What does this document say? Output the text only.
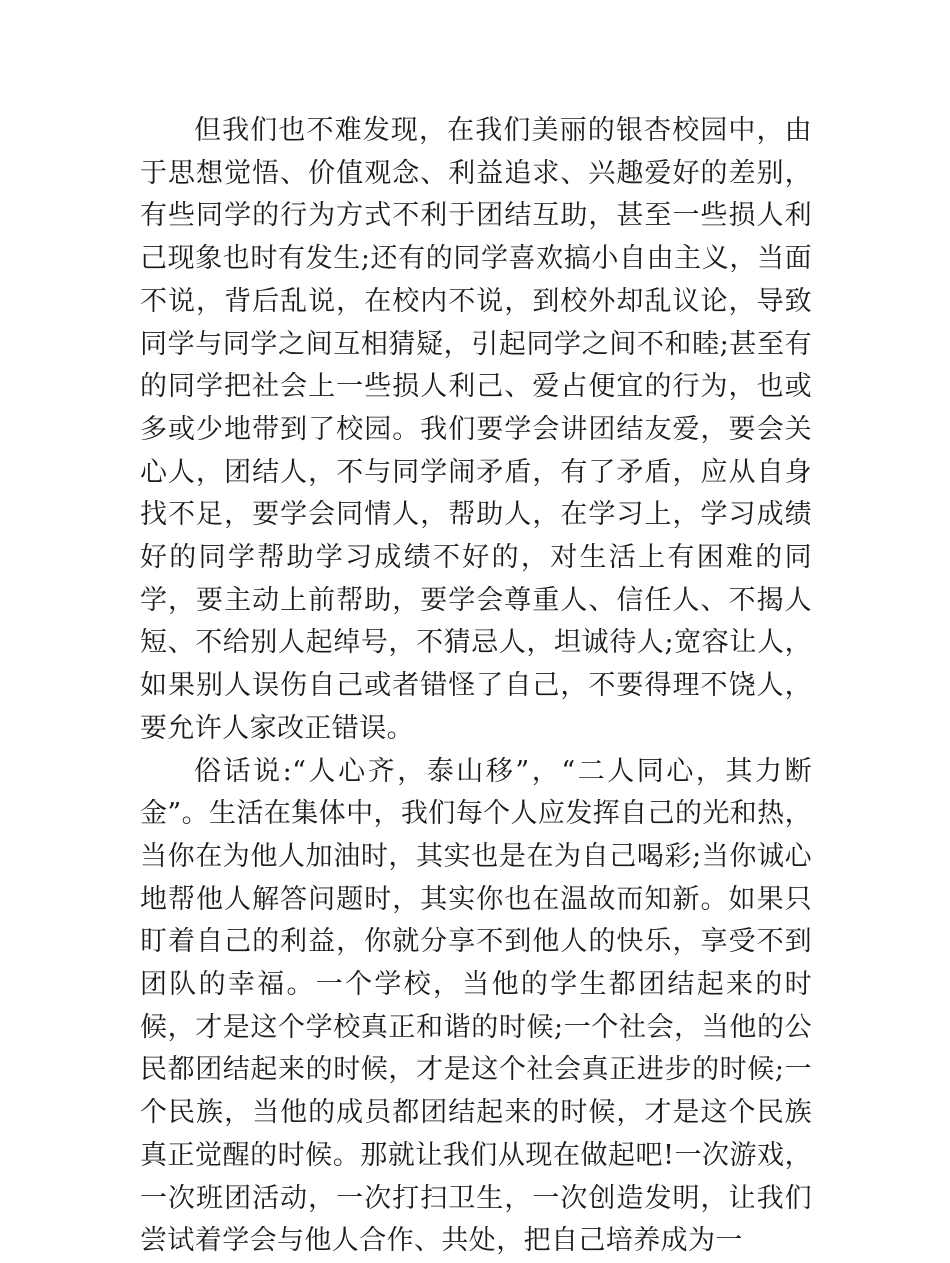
但我们也不难发现，在我们美丽的银杏校园中，由于思想觉悟、价值观念、利益追求、兴趣爱好的差别，有些同学的行为方式不利于团结互助，甚至一些损人利己现象也时有发生;还有的同学喜欢搞小自由主义，当面不说，背后乱说，在校内不说，到校外却乱议论，导致同学与同学之间互相猜疑，引起同学之间不和睦;甚至有的同学把社会上一些损人利己、爱占便宜的行为，也或多或少地带到了校园。我们要学会讲团结友爱，要会关心人，团结人，不与同学闹矛盾，有了矛盾，应从自身找不足，要学会同情人，帮助人，在学习上，学习成绩好的同学帮助学习成绩不好的，对生活上有困难的同学，要主动上前帮助，要学会尊重人、信任人、不揭人短、不给别人起绰号，不猜忌人，坦诚待人;宽容让人，如果别人误伤自己或者错怪了自己，不要得理不饶人，要允许人家改正错误。

俗话说:“人心齐，泰山移”，“二人同心，其力断金”。生活在集体中，我们每个人应发挥自己的光和热，当你在为他人加油时，其实也是在为自己喝彩;当你诚心地帮他人解答问题时，其实你也在温故而知新。如果只盯着自己的利益，你就分享不到他人的快乐，享受不到团队的幸福。一个学校，当他的学生都团结起来的时候，才是这个学校真正和谐的时候;一个社会，当他的公民都团结起来的时候，才是这个社会真正进步的时候;一个民族，当他的成员都团结起来的时候，才是这个民族真正觉醒的时候。那就让我们从现在做起吧!一次游戏，一次班团活动，一次打扫卫生，一次创造发明，让我们尝试着学会与他人合作、共处，把自己培养成为一
